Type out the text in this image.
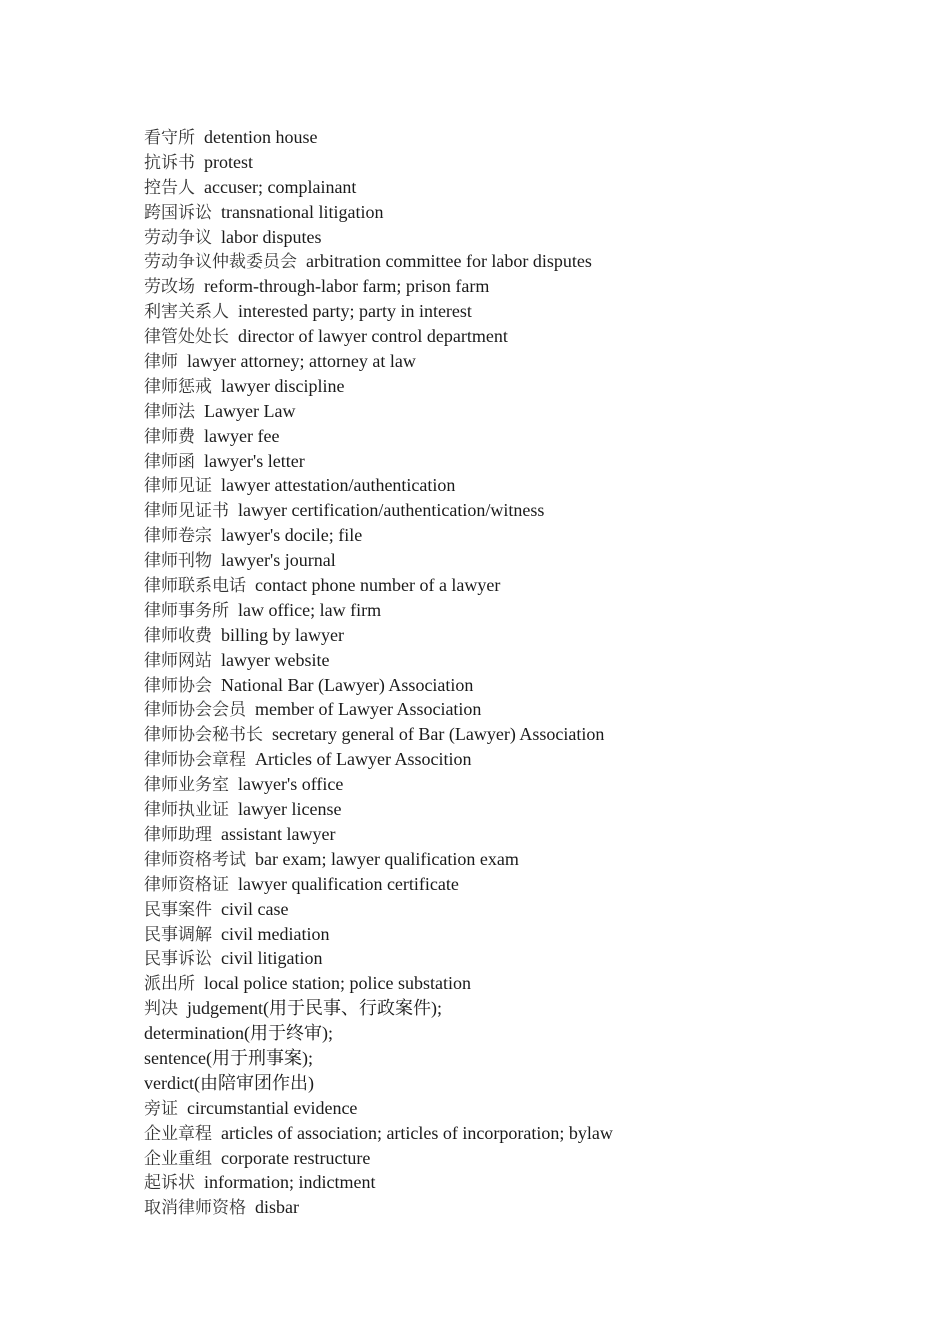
看守所 detention house
抗诉书 protest
控告人 accuser; complainant
跨国诉讼 transnational litigation
劳动争议 labor disputes
劳动争议仲裁委员会 arbitration committee for labor disputes
劳改场 reform-through-labor farm; prison farm
利害关系人 interested party; party in interest
律管处处长 director of lawyer control department
律师 lawyer attorney; attorney at law
律师惩戒 lawyer discipline
律师法 Lawyer Law
律师费 lawyer fee
律师函 lawyer's letter
律师见证 lawyer attestation/authentication
律师见证书 lawyer certification/authentication/witness
律师卷宗 lawyer's docile; file
律师刊物 lawyer's journal
律师联系电话 contact phone number of a lawyer
律师事务所 law office; law firm
律师收费 billing by lawyer
律师网站 lawyer website
律师协会 National Bar (Lawyer) Association
律师协会会员 member of Lawyer Association
律师协会秘书长 secretary general of Bar (Lawyer) Association
律师协会章程 Articles of Lawyer Assocition
律师业务室 lawyer's office
律师执业证 lawyer license
律师助理 assistant lawyer
律师资格考试 bar exam; lawyer qualification exam
律师资格证 lawyer qualification certificate
民事案件 civil case
民事调解 civil mediation
民事诉讼 civil litigation
派出所 local police station; police substation
判决 judgement(用于民事、行政案件);
determination(用于终审);
sentence(用于刑事案);
verdict(由陪审团作出)
旁证 circumstantial evidence
企业章程 articles of association; articles of incorporation; bylaw
企业重组 corporate restructure
起诉状 information; indictment
取消律师资格 disbar
